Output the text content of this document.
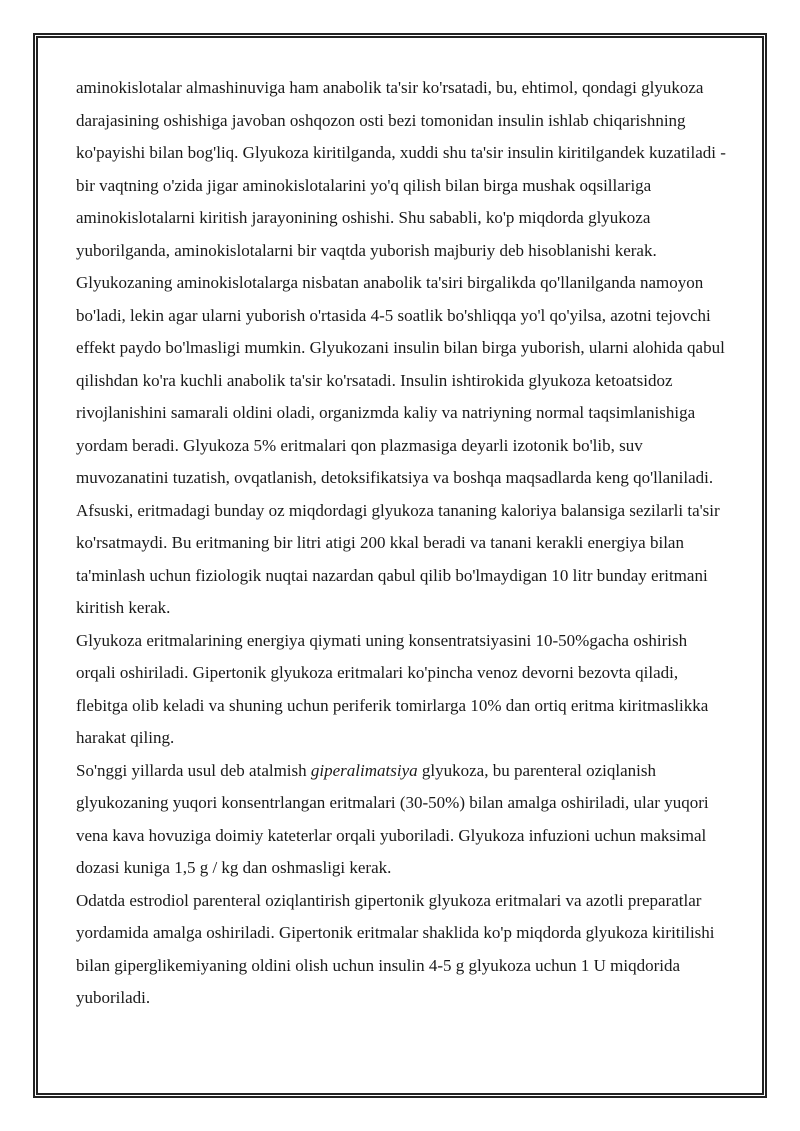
aminokislotalar almashinuviga ham anabolik ta'sir ko'rsatadi, bu, ehtimol, qondagi glyukoza darajasining oshishiga javoban oshqozon osti bezi tomonidan insulin ishlab chiqarishning ko'payishi bilan bog'liq. Glyukoza kiritilganda, xuddi shu ta'sir insulin kiritilgandek kuzatiladi - bir vaqtning o'zida jigar aminokislotalarini yo'q qilish bilan birga mushak oqsillariga aminokislotalarni kiritish jarayonining oshishi. Shu sababli, ko'p miqdorda glyukoza yuborilganda, aminokislotalarni bir vaqtda yuborish majburiy deb hisoblanishi kerak. Glyukozaning aminokislotalarga nisbatan anabolik ta'siri birgalikda qo'llanilganda namoyon bo'ladi, lekin agar ularni yuborish o'rtasida 4-5 soatlik bo'shliqqa yo'l qo'yilsa, azotni tejovchi effekt paydo bo'lmasligi mumkin. Glyukozani insulin bilan birga yuborish, ularni alohida qabul qilishdan ko'ra kuchli anabolik ta'sir ko'rsatadi. Insulin ishtirokida glyukoza ketoatsidoz rivojlanishini samarali oldini oladi, organizmda kaliy va natriyning normal taqsimlanishiga yordam beradi. Glyukoza 5% eritmalari qon plazmasiga deyarli izotonik bo'lib, suv muvozanatini tuzatish, ovqatlanish, detoksifikatsiya va boshqa maqsadlarda keng qo'llaniladi. Afsuski, eritmadagi bunday oz miqdordagi glyukoza tananing kaloriya balansiga sezilarli ta'sir ko'rsatmaydi. Bu eritmaning bir litri atigi 200 kkal beradi va tanani kerakli energiya bilan ta'minlash uchun fiziologik nuqtai nazardan qabul qilib bo'lmaydigan 10 litr bunday eritmani kiritish kerak.

Glyukoza eritmalarining energiya qiymati uning konsentratsiyasini 10-50%gacha oshirish orqali oshiriladi. Gipertonik glyukoza eritmalari ko'pincha venoz devorni bezovta qiladi, flebitga olib keladi va shuning uchun periferik tomirlarga 10% dan ortiq eritma kiritmaslikka harakat qiling.

So'nggi yillarda usul deb atalmish giperalimatsiya glyukoza, bu parenteral oziqlanish glyukozaning yuqori konsentrlangan eritmalari (30-50%) bilan amalga oshiriladi, ular yuqori vena kava hovuziga doimiy kateterlar orqali yuboriladi. Glyukoza infuzioni uchun maksimal dozasi kuniga 1,5 g / kg dan oshmasligi kerak.

Odatda estrodiol parenteral oziqlantirish gipertonik glyukoza eritmalari va azotli preparatlar yordamida amalga oshiriladi. Gipertonik eritmalar shaklida ko'p miqdorda glyukoza kiritilishi bilan giperglikemiyaning oldini olish uchun insulin 4-5 g glyukoza uchun 1 U miqdorida yuboriladi.
